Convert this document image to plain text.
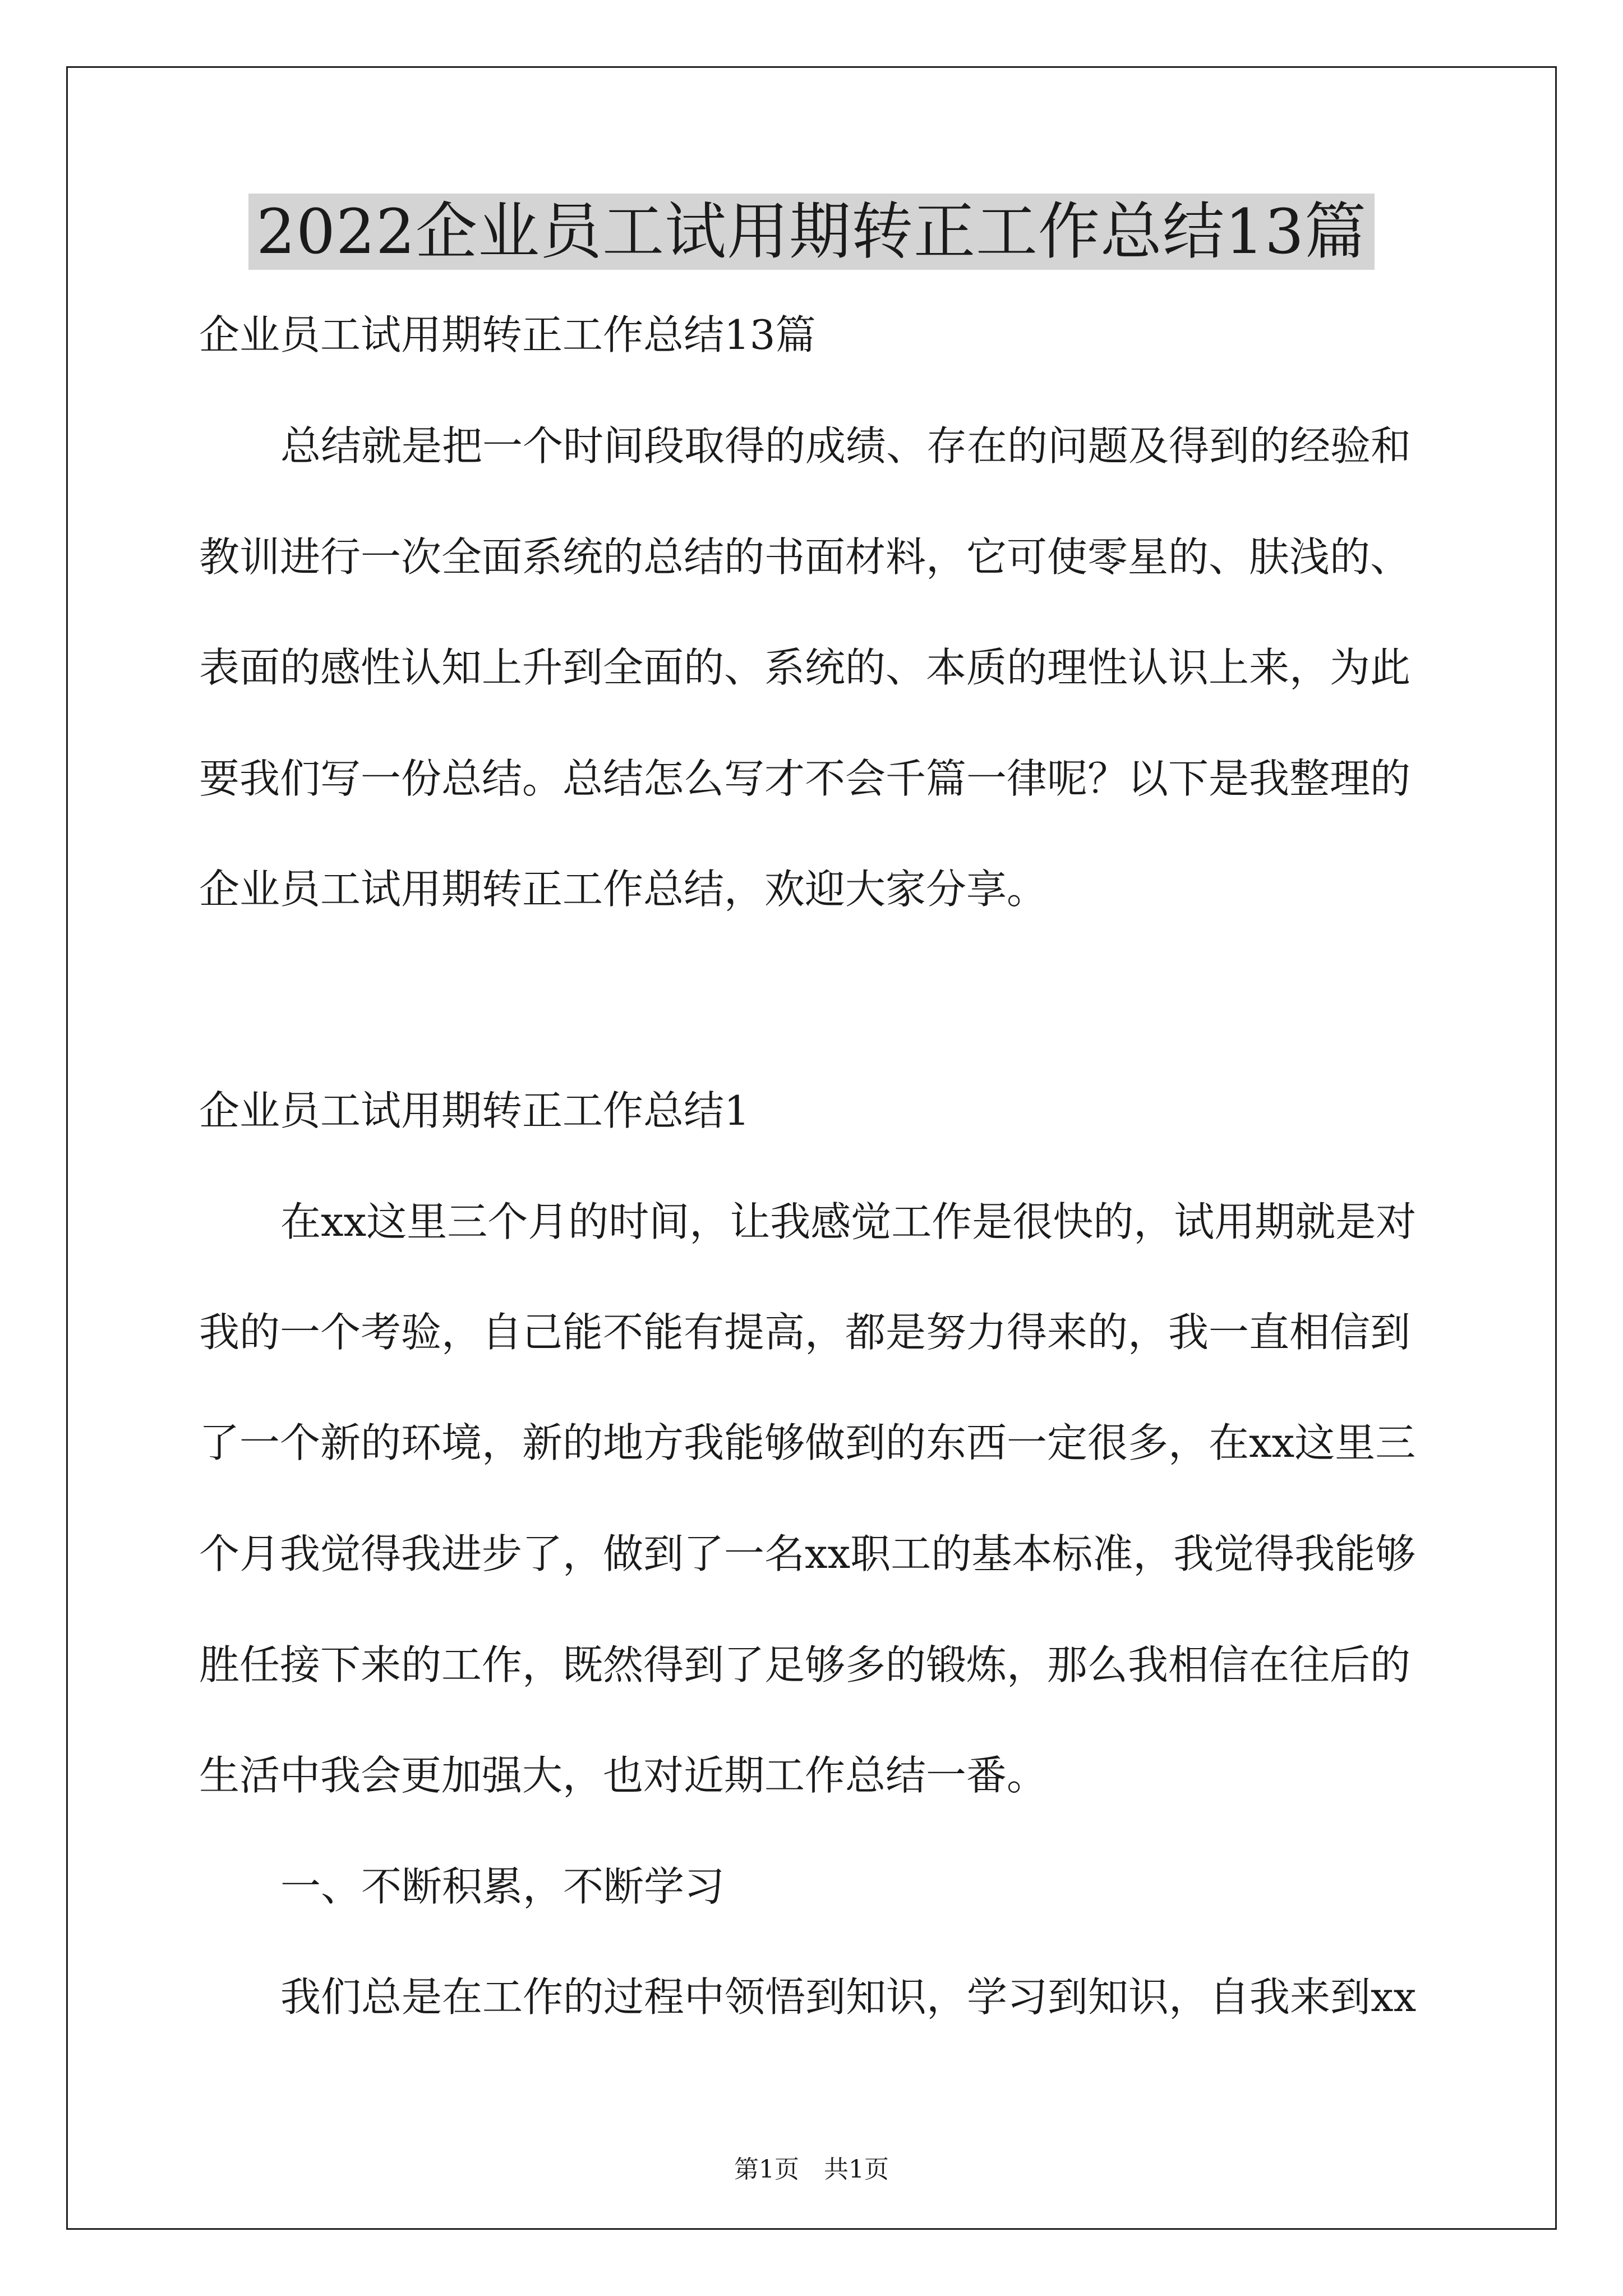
2022企业员工试用期转正工作总结13篇
企业员工试用期转正工作总结13篇
总结就是把一个时间段取得的成绩、存在的问题及得到的经验和
教训进行一次全面系统的总结的书面材料，它可使零星的、肤浅的、
表面的感性认知上升到全面的、系统的、本质的理性认识上来，为此
要我们写一份总结。总结怎么写才不会千篇一律呢？以下是我整理的
企业员工试用期转正工作总结，欢迎大家分享。
企业员工试用期转正工作总结1
在xx这里三个月的时间，让我感觉工作是很快的，试用期就是对
我的一个考验，自己能不能有提高，都是努力得来的，我一直相信到
了一个新的环境，新的地方我能够做到的东西一定很多，在xx这里三
个月我觉得我进步了，做到了一名xx职工的基本标准，我觉得我能够
胜任接下来的工作，既然得到了足够多的锻炼，那么我相信在往后的
生活中我会更加强大，也对近期工作总结一番。
一、不断积累，不断学习
我们总是在工作的过程中领悟到知识，学习到知识，自我来到xx
第1页　共1页
